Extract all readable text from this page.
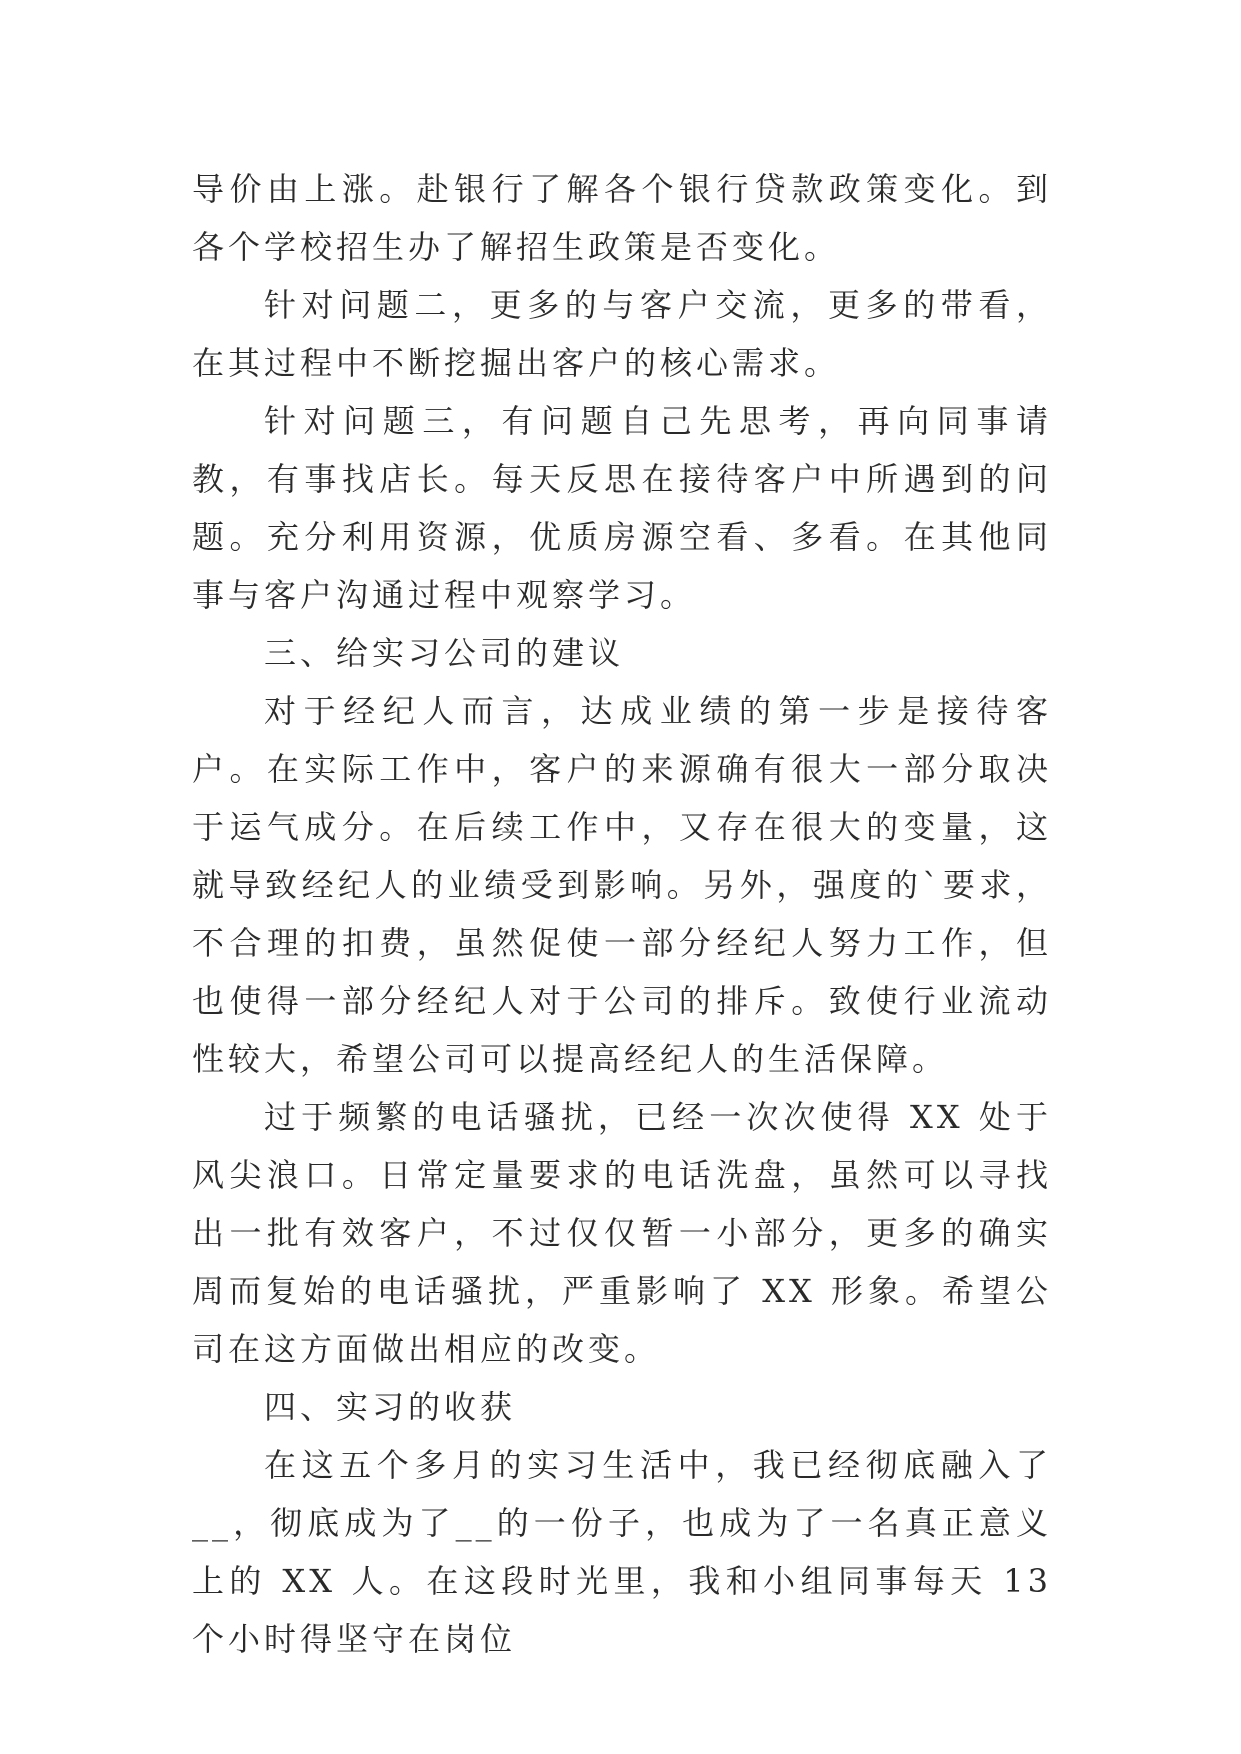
导价由上涨。赴银行了解各个银行贷款政策变化。到各个学校招生办了解招生政策是否变化。

针对问题二，更多的与客户交流，更多的带看，在其过程中不断挖掘出客户的核心需求。

针对问题三，有问题自己先思考，再向同事请教，有事找店长。每天反思在接待客户中所遇到的问题。充分利用资源，优质房源空看、多看。在其他同事与客户沟通过程中观察学习。

三、给实习公司的建议

对于经纪人而言，达成业绩的第一步是接待客户。在实际工作中，客户的来源确有很大一部分取决于运气成分。在后续工作中，又存在很大的变量，这就导致经纪人的业绩受到影响。另外，强度的`要求，不合理的扣费，虽然促使一部分经纪人努力工作，但也使得一部分经纪人对于公司的排斥。致使行业流动性较大，希望公司可以提高经纪人的生活保障。

过于频繁的电话骚扰，已经一次次使得 XX 处于风尖浪口。日常定量要求的电话洗盘，虽然可以寻找出一批有效客户，不过仅仅暂一小部分，更多的确实周而复始的电话骚扰，严重影响了 XX 形象。希望公司在这方面做出相应的改变。

四、实习的收获

在这五个多月的实习生活中，我已经彻底融入了__，彻底成为了__的一份子，也成为了一名真正意义上的 XX 人。在这段时光里，我和小组同事每天 13 个小时得坚守在岗位
